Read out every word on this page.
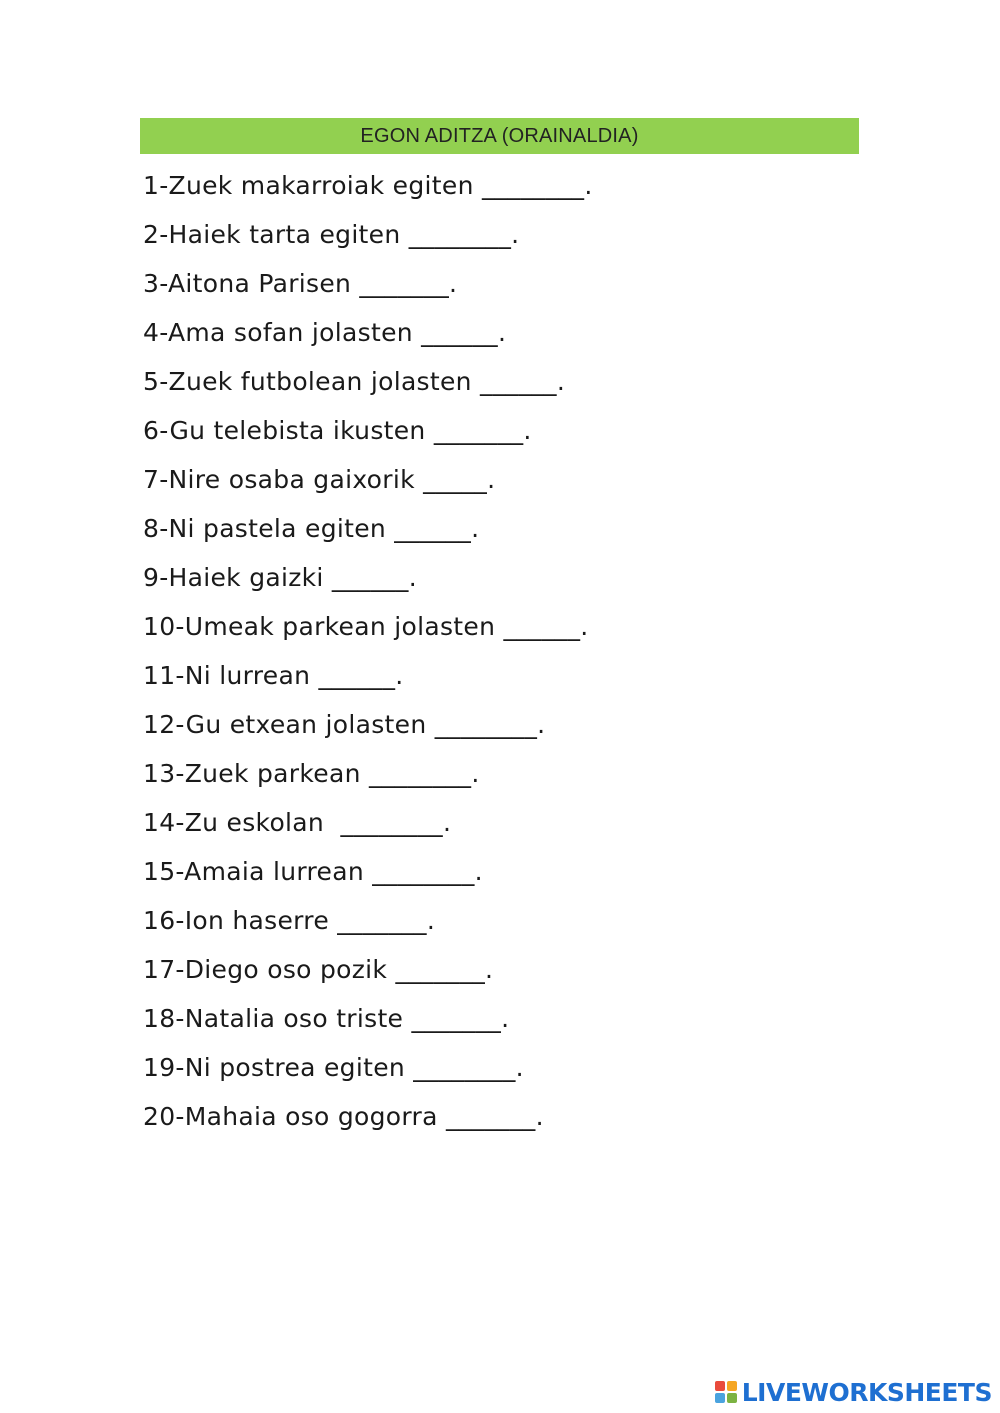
EGON ADITZA (ORAINALDIA)
1-Zuek makarroiak egiten ________.
2-Haiek tarta egiten ________.
3-Aitona Parisen _______.
4-Ama sofan jolasten ______.
5-Zuek futbolean jolasten ______.
6-Gu telebista ikusten _______.
7-Nire osaba gaixorik _____.
8-Ni pastela egiten ______.
9-Haiek gaizki ______.
10-Umeak parkean jolasten ______.
11-Ni lurrean ______.
12-Gu etxean jolasten ________.
13-Zuek parkean ________.
14-Zu eskolan  ________.
15-Amaia lurrean ________.
16-Ion haserre _______.
17-Diego oso pozik _______.
18-Natalia oso triste _______.
19-Ni postrea egiten ________.
20-Mahaia oso gogorra _______.
LIVEWORKSHEETS
